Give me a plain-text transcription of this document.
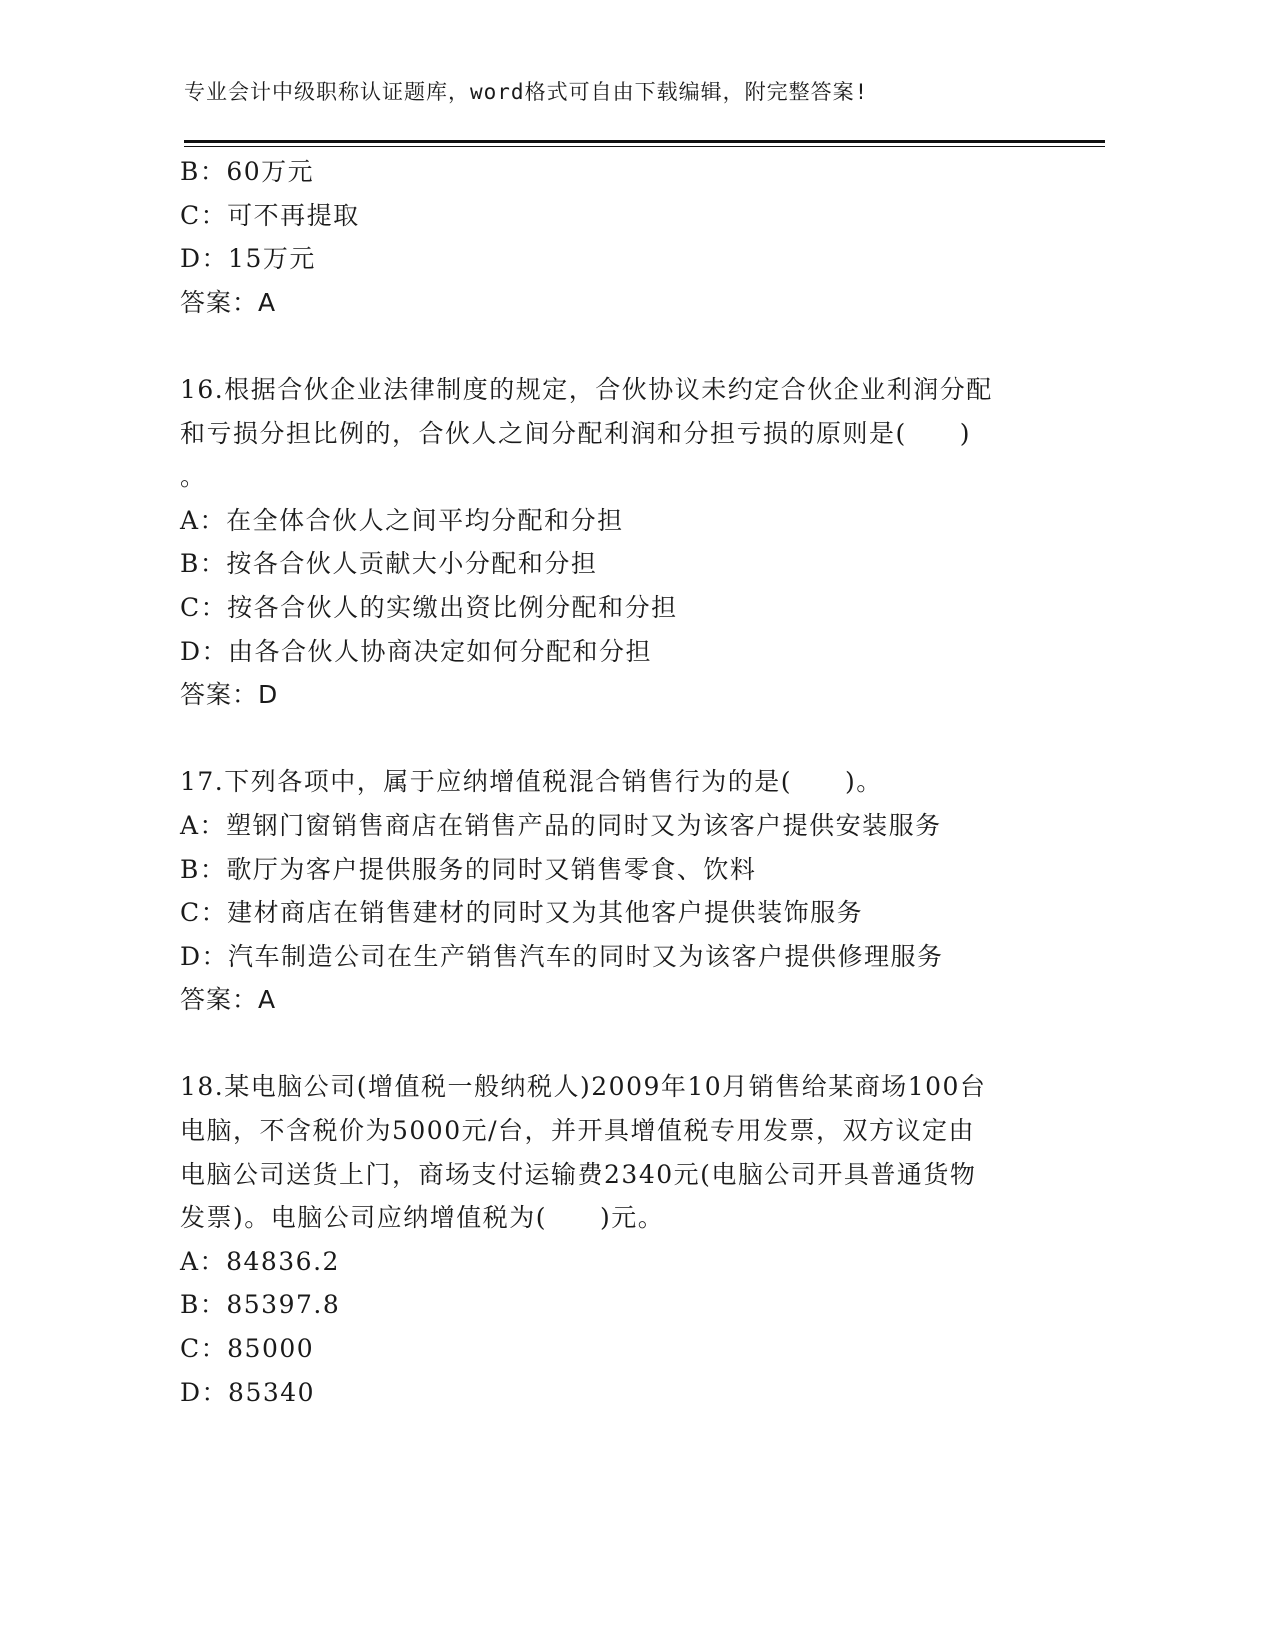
专业会计中级职称认证题库，word格式可自由下载编辑，附完整答案!
B：60万元
C：可不再提取
D：15万元
答案：A
16.根据合伙企业法律制度的规定，合伙协议未约定合伙企业利润分配
和亏损分担比例的，合伙人之间分配利润和分担亏损的原则是(　　)
。
A：在全体合伙人之间平均分配和分担
B：按各合伙人贡献大小分配和分担
C：按各合伙人的实缴出资比例分配和分担
D：由各合伙人协商决定如何分配和分担
答案：D
17.下列各项中，属于应纳增值税混合销售行为的是(　　)。
A：塑钢门窗销售商店在销售产品的同时又为该客户提供安装服务
B：歌厅为客户提供服务的同时又销售零食、饮料
C：建材商店在销售建材的同时又为其他客户提供装饰服务
D：汽车制造公司在生产销售汽车的同时又为该客户提供修理服务
答案：A
18.某电脑公司(增值税一般纳税人)2009年10月销售给某商场100台
电脑，不含税价为5000元/台，并开具增值税专用发票，双方议定由
电脑公司送货上门，商场支付运输费2340元(电脑公司开具普通货物
发票)。电脑公司应纳增值税为(　　)元。
A：84836.2
B：85397.8
C：85000
D：85340
